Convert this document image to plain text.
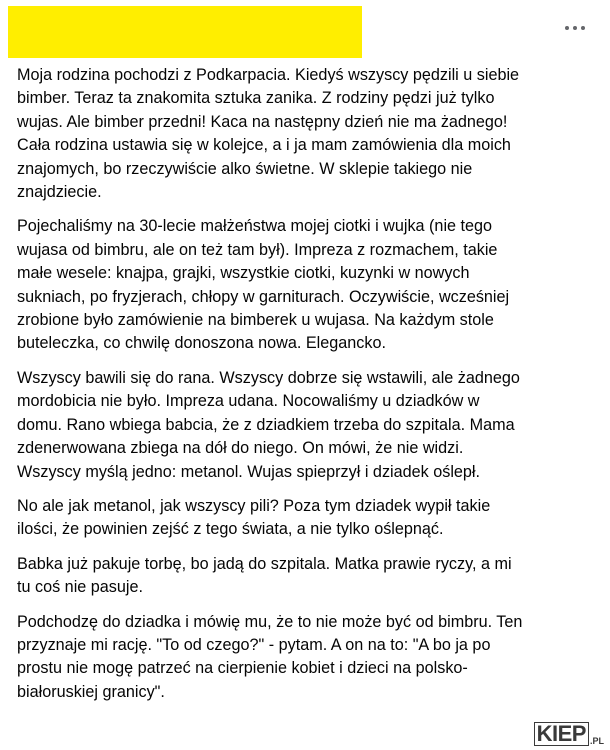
Moja rodzina pochodzi z Podkarpacia. Kiedyś wszyscy pędzili u siebie
bimber. Teraz ta znakomita sztuka zanika. Z rodziny pędzi już tylko
wujas. Ale bimber przedni! Kaca na następny dzień nie ma żadnego!
Cała rodzina ustawia się w kolejce, a i ja mam zamówienia dla moich
znajomych, bo rzeczywiście alko świetne. W sklepie takiego nie
znajdziecie.

Pojechaliśmy na 30-lecie małżeństwa mojej ciotki i wujka (nie tego
wujasa od bimbru, ale on też tam był). Impreza z rozmachem, takie
małe wesele: knajpa, grajki, wszystkie ciotki, kuzynki w nowych
sukniach, po fryzjerach, chłopy w garniturach. Oczywiście, wcześniej
zrobione było zamówienie na bimberek u wujasa. Na każdym stole
buteleczka, co chwilę donoszona nowa. Elegancko.

Wszyscy bawili się do rana. Wszyscy dobrze się wstawili, ale żadnego
mordobicia nie było. Impreza udana. Nocowaliśmy u dziadków w
domu. Rano wbiega babcia, że z dziadkiem trzeba do szpitala. Mama
zdenerwowana zbiega na dół do niego. On mówi, że nie widzi.
Wszyscy myślą jedno: metanol. Wujas spieprzył i dziadek oślepł.

No ale jak metanol, jak wszyscy pili? Poza tym dziadek wypił takie
ilości, że powinien zejść z tego świata, a nie tylko oślepnąć.

Babka już pakuje torbę, bo jadą do szpitala. Matka prawie ryczy, a mi
tu coś nie pasuje.

Podchodzę do dziadka i mówię mu, że to nie może być od bimbru. Ten
przyznaje mi rację. "To od czego?" - pytam. A on na to: "A bo ja po
prostu nie mogę patrzeć na cierpienie kobiet i dzieci na polsko-
białoruskiej granicy".

KIEP .PL
